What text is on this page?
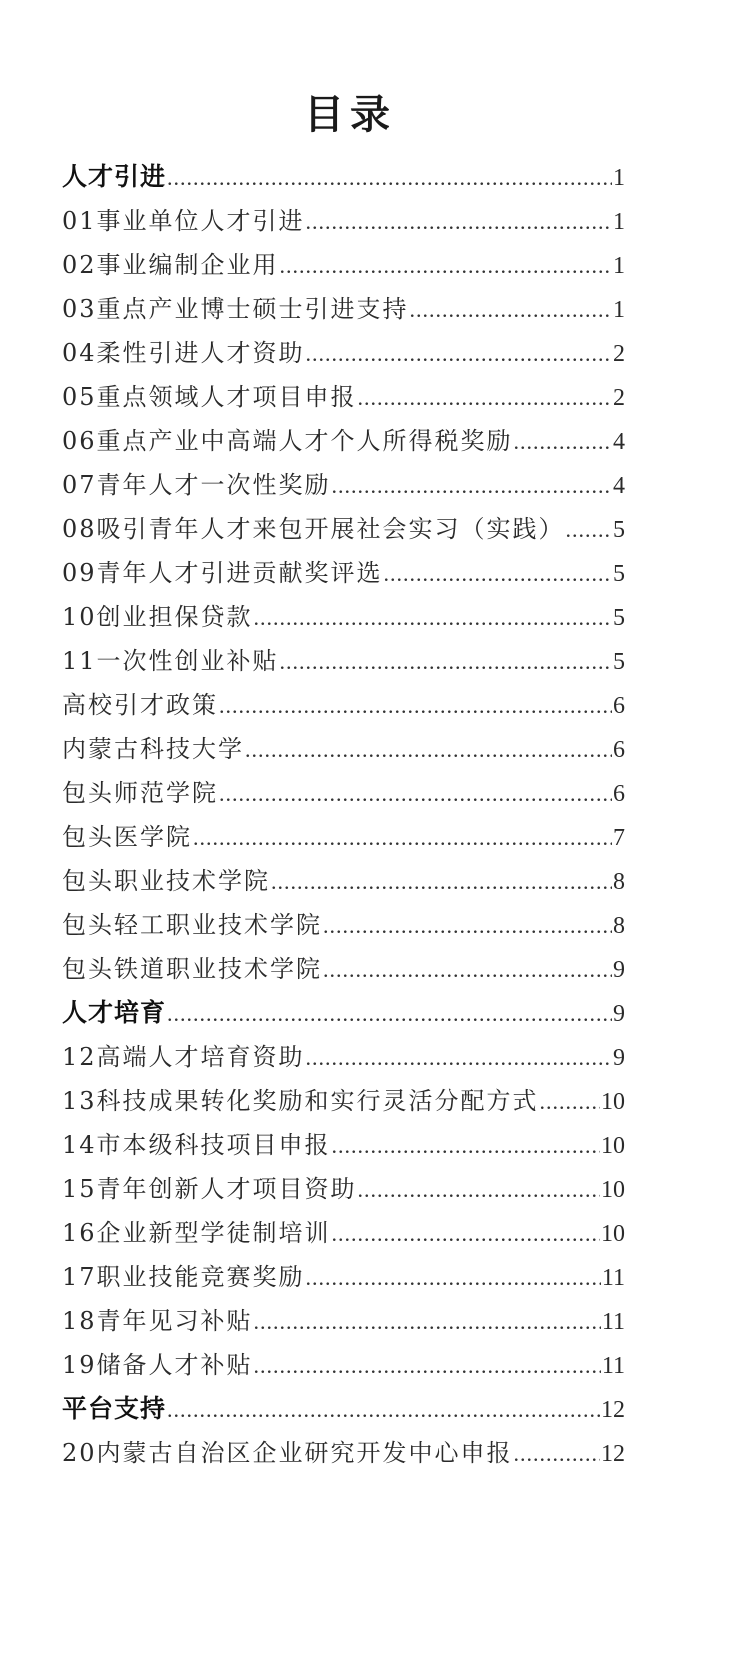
目录
人才引进 .....	1
01事业单位人才引进 .....	1
02事业编制企业用 .....	1
03重点产业博士硕士引进支持 .....	1
04柔性引进人才资助 .....	2
05重点领域人才项目申报 .....	2
06重点产业中高端人才个人所得税奖励 .....	4
07青年人才一次性奖励 .....	4
08吸引青年人才来包开展社会实习（实践） ..... 5
09青年人才引进贡献奖评选 .....	5
10创业担保贷款 .....	5
11一次性创业补贴 .....	5
高校引才政策 .....	6
内蒙古科技大学 .....	6
包头师范学院 .....	6
包头医学院 .....	7
包头职业技术学院 .....	8
包头轻工职业技术学院 .....	8
包头铁道职业技术学院 .....	9
人才培育 .....	9
12高端人才培育资助 .....	9
13科技成果转化奖励和实行灵活分配方式 .....	10
14市本级科技项目申报 .....	10
15青年创新人才项目资助 .....	10
16企业新型学徒制培训 .....	10
17职业技能竞赛奖励 .....	11
18青年见习补贴 .....	11
19储备人才补贴 .....	11
平台支持 .....	12
20内蒙古自治区企业研究开发中心申报 .....	12
